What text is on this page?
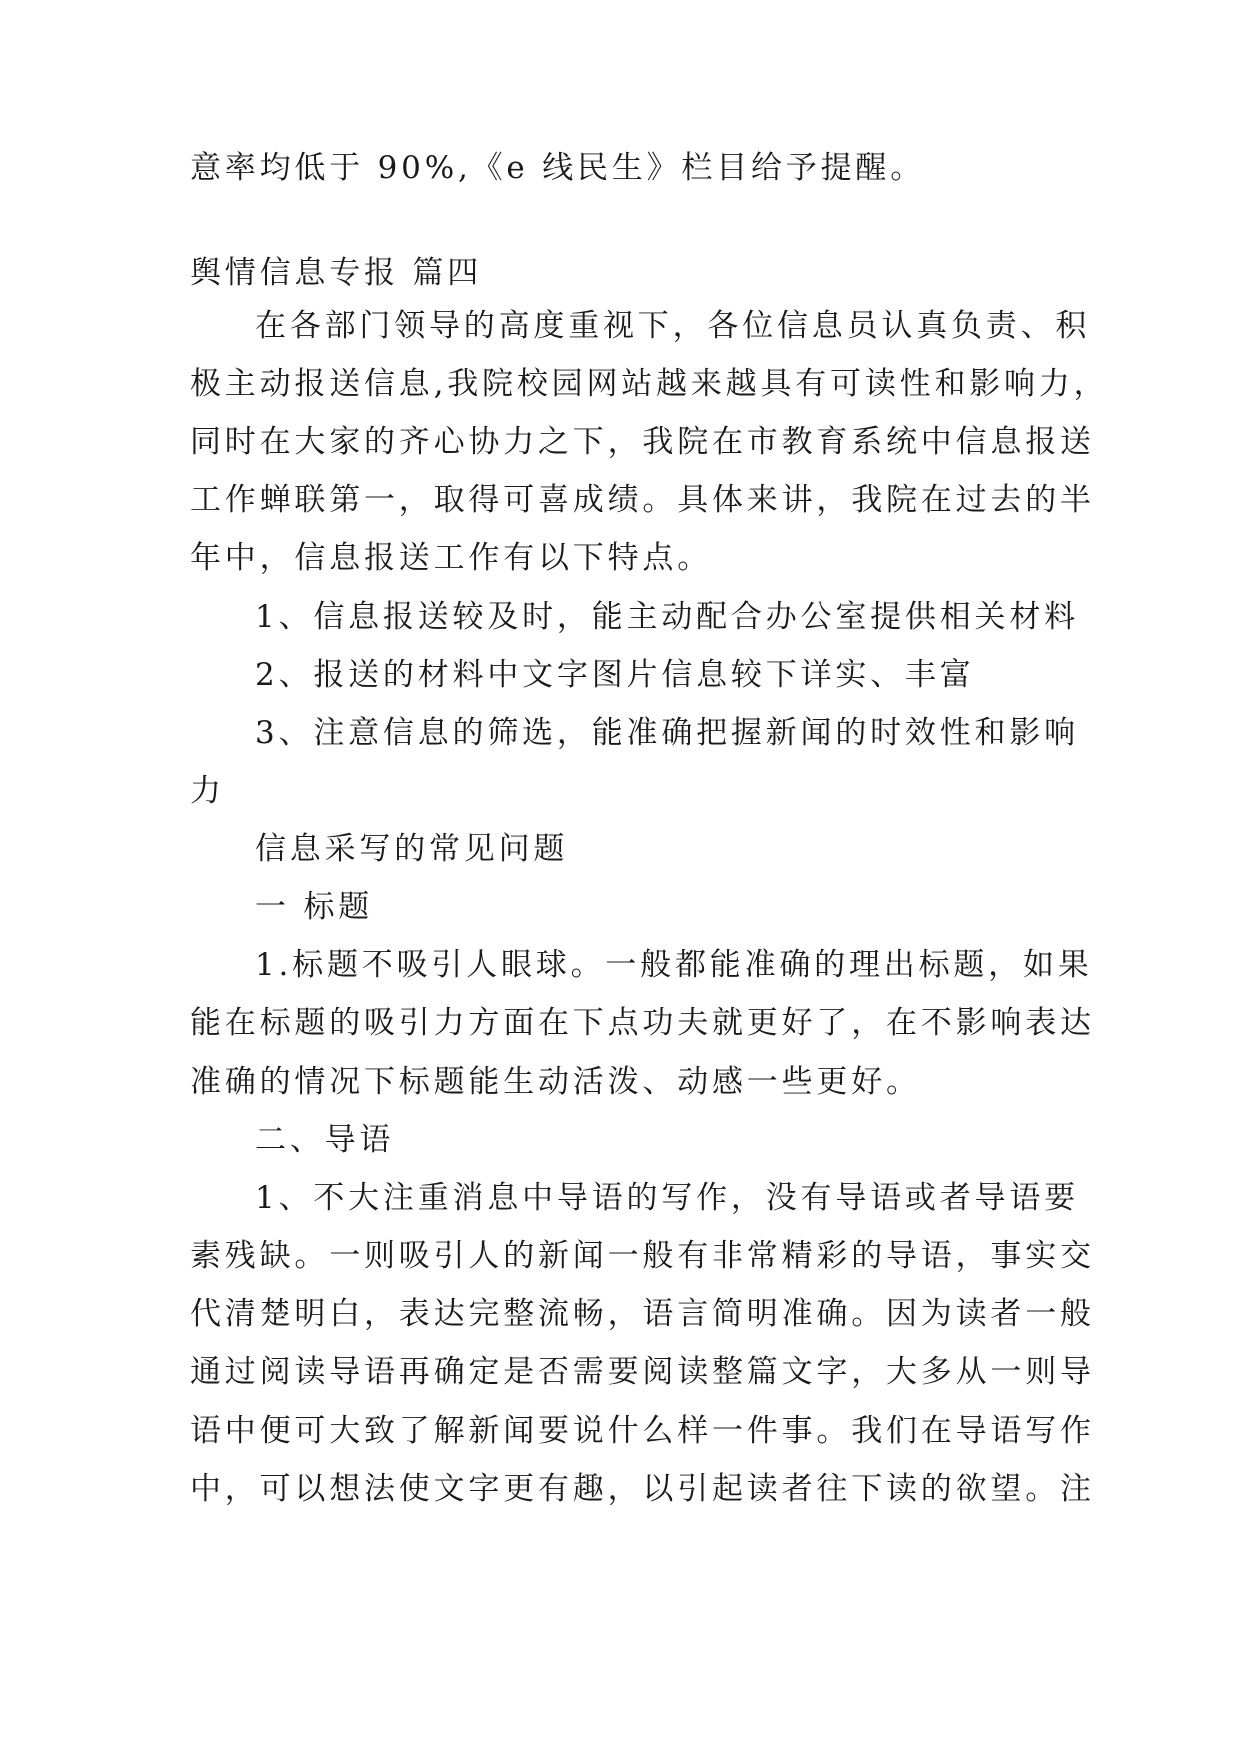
意率均低于 90%,《e 线民生》栏目给予提醒。
舆情信息专报 篇四
在各部门领导的高度重视下，各位信息员认真负责、积
极主动报送信息,我院校园网站越来越具有可读性和影响力，
同时在大家的齐心协力之下，我院在市教育系统中信息报送
工作蝉联第一，取得可喜成绩。具体来讲，我院在过去的半
年中，信息报送工作有以下特点。
1、信息报送较及时，能主动配合办公室提供相关材料
2、报送的材料中文字图片信息较下详实、丰富
3、注意信息的筛选，能准确把握新闻的时效性和影响
力
信息采写的常见问题
一 标题
1.标题不吸引人眼球。一般都能准确的理出标题，如果
能在标题的吸引力方面在下点功夫就更好了，在不影响表达
准确的情况下标题能生动活泼、动感一些更好。
二、导语
1、不大注重消息中导语的写作，没有导语或者导语要
素残缺。一则吸引人的新闻一般有非常精彩的导语，事实交
代清楚明白，表达完整流畅，语言简明准确。因为读者一般
通过阅读导语再确定是否需要阅读整篇文字，大多从一则导
语中便可大致了解新闻要说什么样一件事。我们在导语写作
中，可以想法使文字更有趣，以引起读者往下读的欲望。注
